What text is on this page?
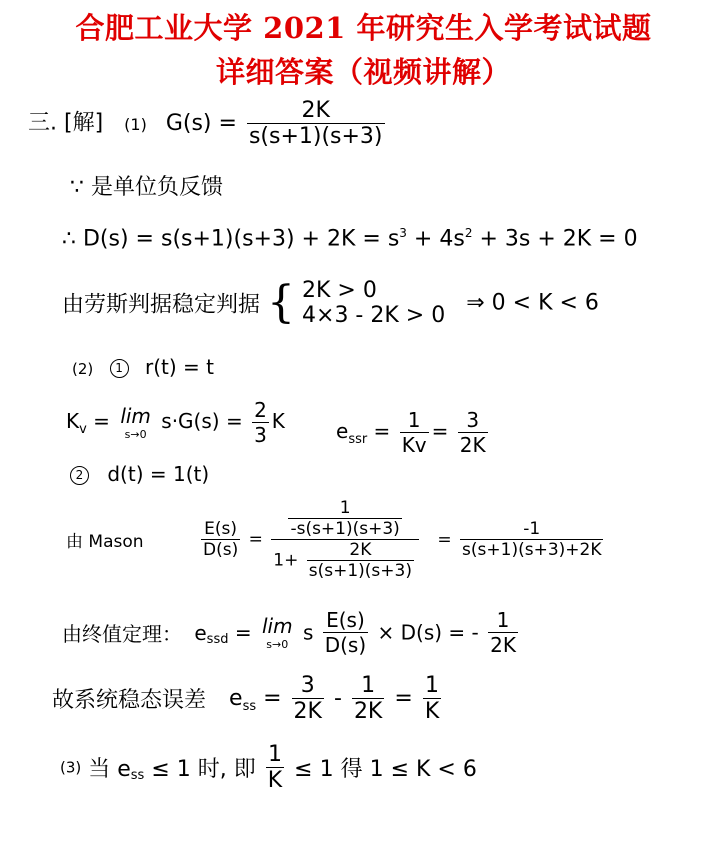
合肥工业大学 2021 年研究生入学考试试题
详细答案（视频讲解）
三. [解] (1) $G(s) = \frac{2K}{s(s+1)(s+3)}$
∵ 是单位负反馈
∴ $D(s) = s(s+1)(s+3) + 2K = s^3 + 4s^2 + 3s + 2K = 0$
由劳斯判据稳定判据 { 2K > 0
4×3 - 2K > 0 ⇒ 0 < K < 6
(2) 1 r(t) = t
$K_v = \lim$
s→0
$s\cdot G(s) = \frac{2}{3}$ K	$e_{ssr} = \frac{1}{Kv} = \frac{3}{2K}$
2 d(t) = 1(t)
由 Mason	$\frac{E(s)}{D(s)} = \frac{\frac{1}{-s(s+1)(s+3)}}{1+ \frac{2K}{s(s+1)(s+3)}} = \frac{-1}{s(s+1)(s+3)+2K}$
由终值定理： $e_{ssd} = \lim$
s→0 s $\frac{E(s)}{D(s)} \times D(s)$ = - $\frac{1}{2K}$
故系统稳态误差 $e_{ss} = \frac{3}{2K} - \frac{1}{2K} = \frac{1}{K}$
(3) 当 $e_{ss} \le 1$ 时, 即 $\frac{1}{K} \le 1$ 得 1 ≤ K < 6
